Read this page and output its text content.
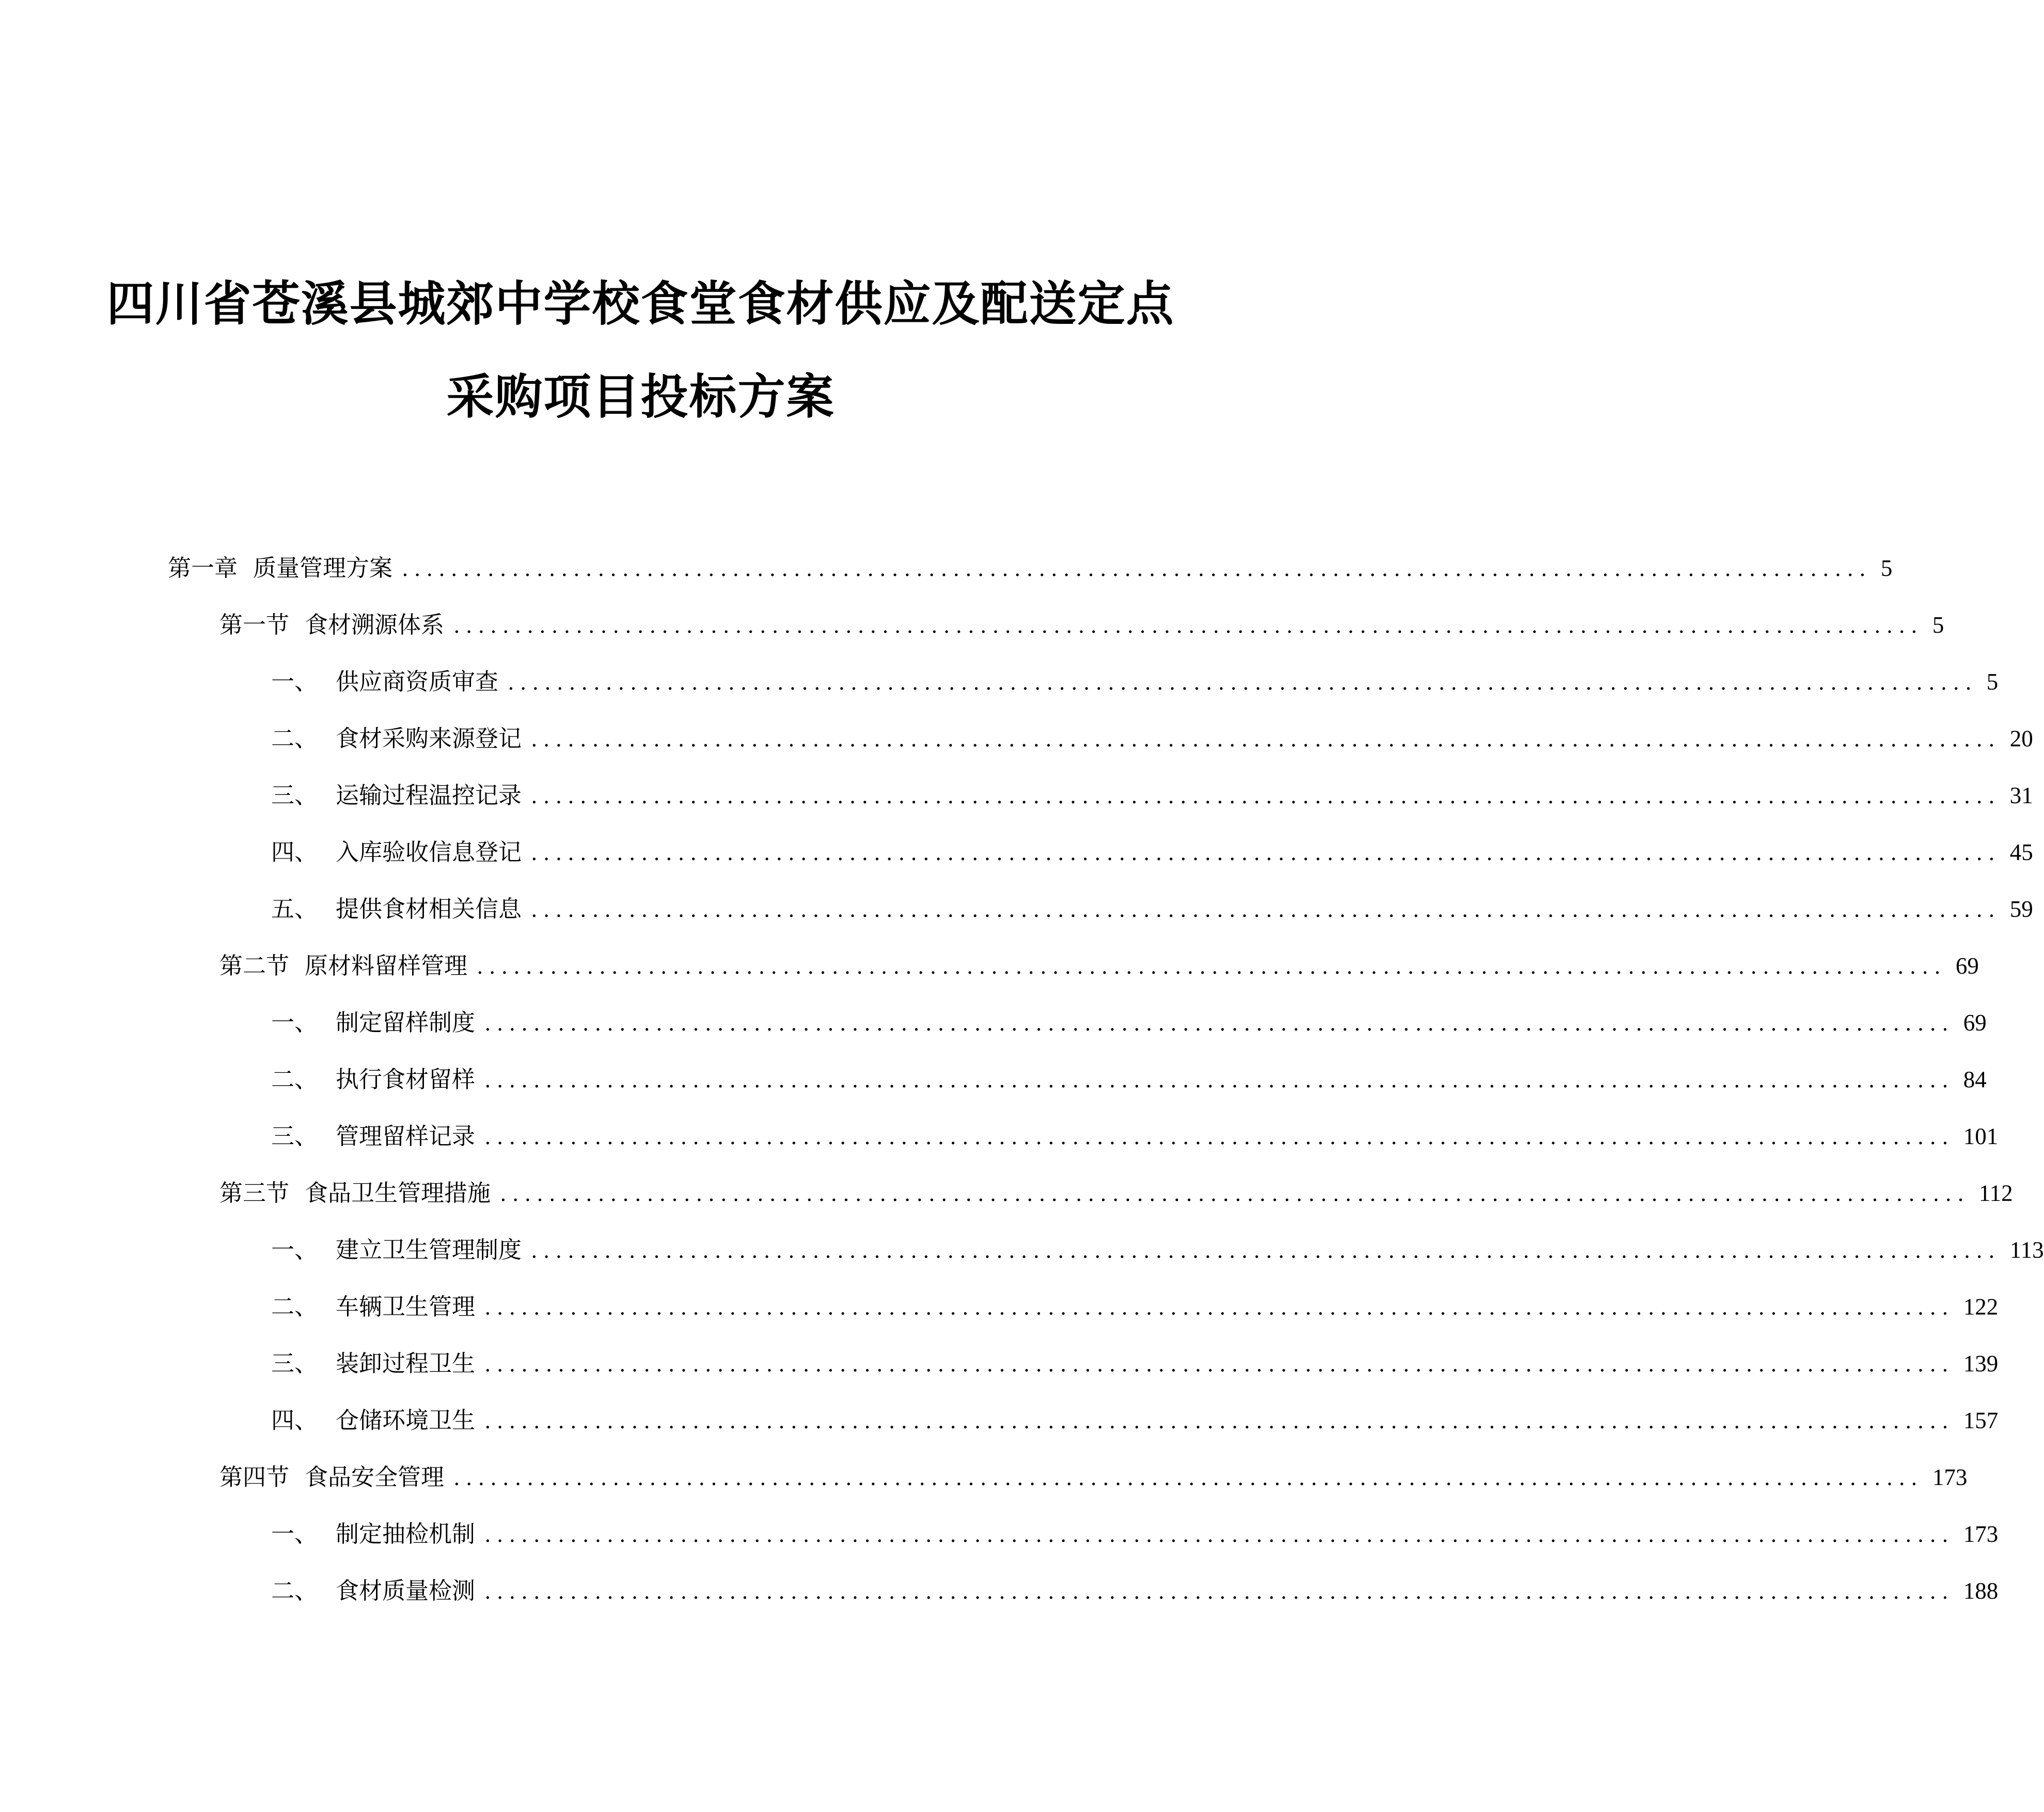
四川省苍溪县城郊中学校食堂食材供应及配送定点
采购项目投标方案
第一章 质量管理方案 ........................................................................................................................ 5
第一节 食材溯源体系 ........................................................................................................................ 5
一、 供应商资质审查 ........................................................................................................................ 5
二、 食材采购来源登记 ........................................................................................................................ 20
三、 运输过程温控记录 ........................................................................................................................ 31
四、 入库验收信息登记 ........................................................................................................................ 45
五、 提供食材相关信息 ........................................................................................................................ 59
第二节 原材料留样管理 ........................................................................................................................ 69
一、 制定留样制度 ........................................................................................................................ 69
二、 执行食材留样 ........................................................................................................................ 84
三、 管理留样记录 ........................................................................................................................ 101
第三节 食品卫生管理措施 ........................................................................................................................ 112
一、 建立卫生管理制度 ........................................................................................................................ 113
二、 车辆卫生管理 ........................................................................................................................ 122
三、 装卸过程卫生 ........................................................................................................................ 139
四、 仓储环境卫生 ........................................................................................................................ 157
第四节 食品安全管理 ........................................................................................................................ 173
一、 制定抽检机制 ........................................................................................................................ 173
二、 食材质量检测 ........................................................................................................................ 188
